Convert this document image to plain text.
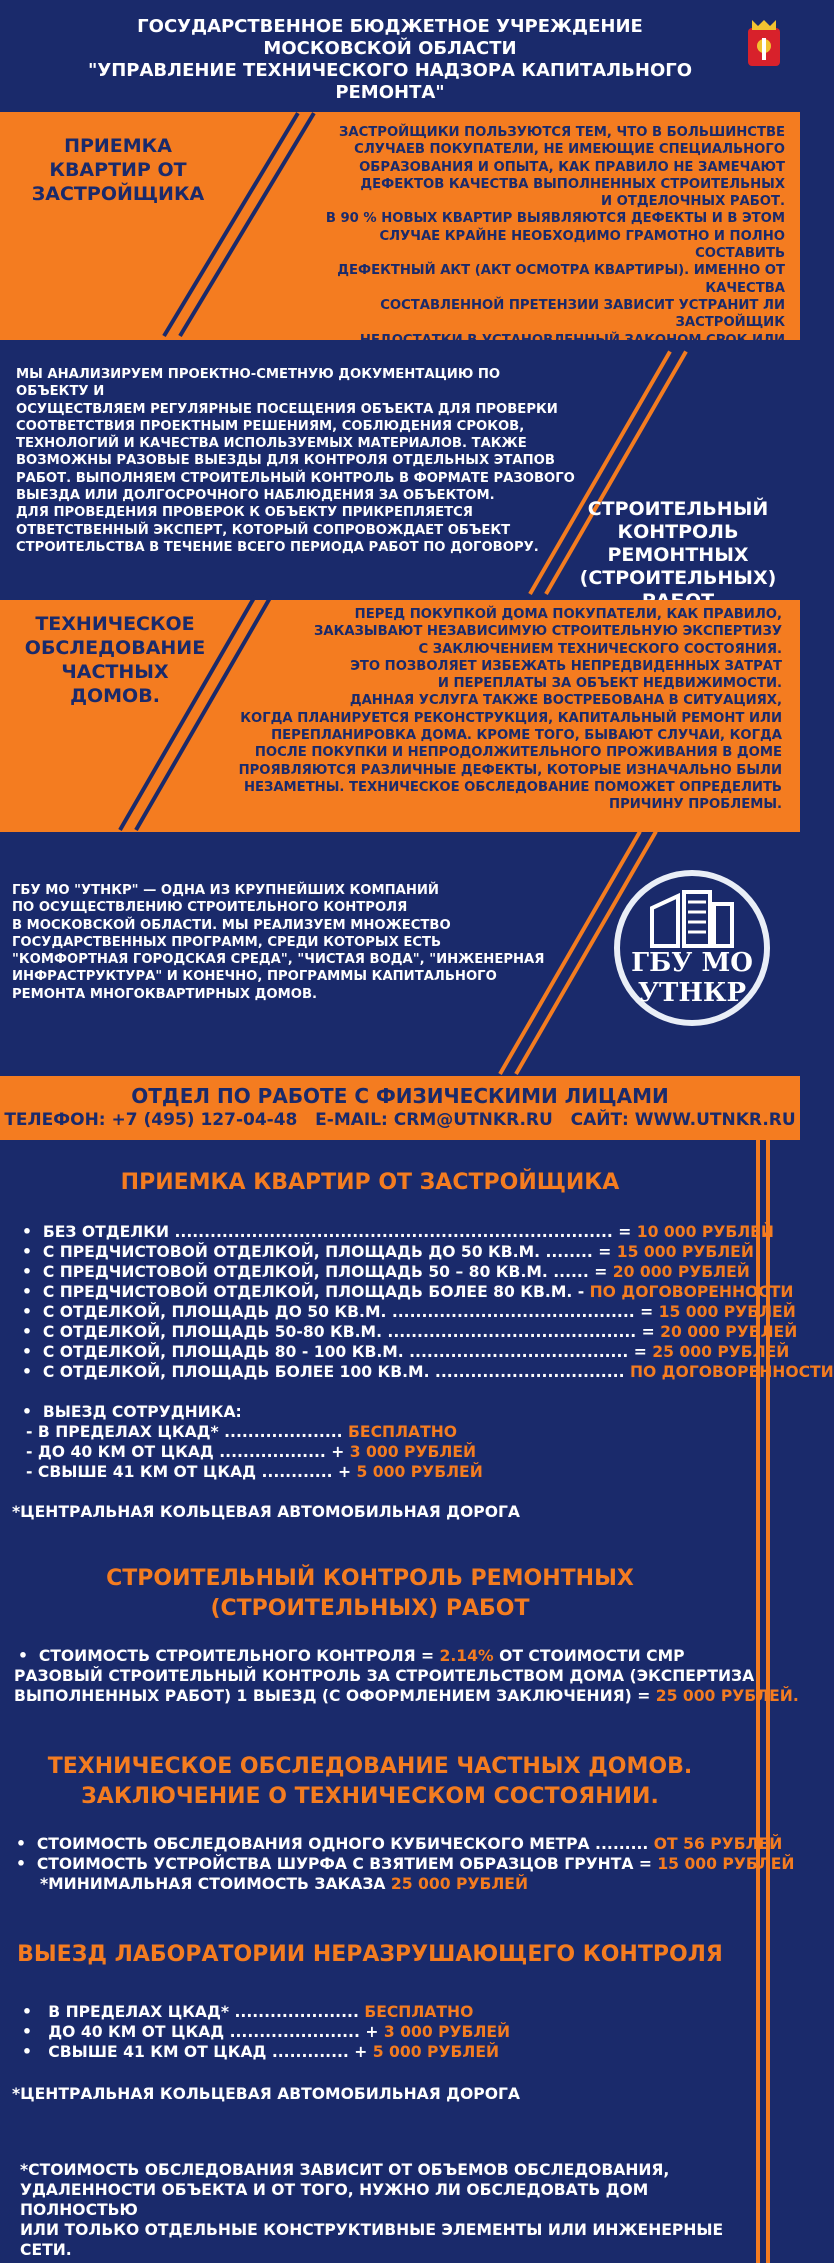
ГОСУДАРСТВЕННОЕ БЮДЖЕТНОЕ УЧРЕЖДЕНИЕ
МОСКОВСКОЙ ОБЛАСТИ
"УПРАВЛЕНИЕ ТЕХНИЧЕСКОГО НАДЗОРА КАПИТАЛЬНОГО РЕМОНТА"
ПРИЕМКА КВАРТИР ОТ ЗАСТРОЙЩИКА
ЗАСТРОЙЩИКИ ПОЛЬЗУЮТСЯ ТЕМ, ЧТО В БОЛЬШИНСТВЕ
СЛУЧАЕВ ПОКУПАТЕЛИ, НЕ ИМЕЮЩИЕ СПЕЦИАЛЬНОГО
ОБРАЗОВАНИЯ И ОПЫТА, КАК ПРАВИЛО НЕ ЗАМЕЧАЮТ
ДЕФЕКТОВ КАЧЕСТВА ВЫПОЛНЕННЫХ СТРОИТЕЛЬНЫХ
И ОТДЕЛОЧНЫХ РАБОТ.
В 90 % НОВЫХ КВАРТИР ВЫЯВЛЯЮТСЯ ДЕФЕКТЫ И В ЭТОМ
СЛУЧАЕ КРАЙНЕ НЕОБХОДИМО ГРАМОТНО И ПОЛНО СОСТАВИТЬ
ДЕФЕКТНЫЙ АКТ (АКТ ОСМОТРА КВАРТИРЫ). ИМЕННО ОТ КАЧЕСТВА
СОСТАВЛЕННОЙ ПРЕТЕНЗИИ ЗАВИСИТ УСТРАНИТ ЛИ ЗАСТРОЙЩИК
МЫ АНАЛИЗИРУЕМ ПРОЕКТНО-СМЕТНУЮ ДОКУМЕНТАЦИЮ ПО ОБЪЕКТУ И
ОСУЩЕСТВЛЯЕМ РЕГУЛЯРНЫЕ ПОСЕЩЕНИЯ ОБЪЕКТА ДЛЯ ПРОВЕРКИ
СООТВЕТСТВИЯ ПРОЕКТНЫМ РЕШЕНИЯМ, СОБЛЮДЕНИЯ СРОКОВ,
ТЕХНОЛОГИЙ И КАЧЕСТВА ИСПОЛЬЗУЕМЫХ МАТЕРИАЛОВ. ТАКЖЕ
ВОЗМОЖНЫ РАЗОВЫЕ ВЫЕЗДЫ ДЛЯ КОНТРОЛЯ ОТДЕЛЬНЫХ ЭТАПОВ
РАБОТ. ВЫПОЛНЯЕМ СТРОИТЕЛЬНЫЙ КОНТРОЛЬ В ФОРМАТЕ РАЗОВОГО
ВЫЕЗДА ИЛИ ДОЛГОСРОЧНОГО НАБЛЮДЕНИЯ ЗА ОБЪЕКТОМ.
ДЛЯ ПРОВЕДЕНИЯ ПРОВЕРОК К ОБЪЕКТУ ПРИКРЕПЛЯЕТСЯ
ОТВЕТСТВЕННЫЙ ЭКСПЕРТ, КОТОРЫЙ СОПРОВОЖДАЕТ ОБЪЕКТ
СТРОИТЕЛЬСТВА В ТЕЧЕНИЕ ВСЕГО ПЕРИОДА РАБОТ ПО ДОГОВОРУ.
СТРОИТЕЛЬНЫЙ КОНТРОЛЬ РЕМОНТНЫХ (СТРОИТЕЛЬНЫХ)
ТЕХНИЧЕСКОЕ ОБСЛЕДОВАНИЕ ЧАСТНЫХ ДОМОВ.
ПЕРЕД ПОКУПКОЙ ДОМА ПОКУПАТЕЛИ, КАК ПРАВИЛО,
ЗАКАЗЫВАЮТ НЕЗАВИСИМУЮ СТРОИТЕЛЬНУЮ ЭКСПЕРТИЗУ
С ЗАКЛЮЧЕНИЕМ ТЕХНИЧЕСКОГО СОСТОЯНИЯ.
ЭТО ПОЗВОЛЯЕТ ИЗБЕЖАТЬ НЕПРЕДВИДЕННЫХ ЗАТРАТ
И ПЕРЕПЛАТЫ ЗА ОБЪЕКТ НЕДВИЖИМОСТИ.
ДАННАЯ УСЛУГА ТАКЖЕ ВОСТРЕБОВАНА В СИТУАЦИЯХ,
КОГДА ПЛАНИРУЕТСЯ РЕКОНСТРУКЦИЯ, КАПИТАЛЬНЫЙ РЕМОНТ ИЛИ
ПЕРЕПЛАНИРОВКА ДОМА. КРОМЕ ТОГО, БЫВАЮТ СЛУЧАИ, КОГДА
ПОСЛЕ ПОКУПКИ И НЕПРОДОЛЖИТЕЛЬНОГО ПРОЖИВАНИЯ В ДОМЕ
ПРОЯВЛЯЮТСЯ РАЗЛИЧНЫЕ ДЕФЕКТЫ, КОТОРЫЕ ИЗНАЧАЛЬНО БЫЛИ
НЕЗАМЕТНЫ. ТЕХНИЧЕСКОЕ ОБСЛЕДОВАНИЕ ПОМОЖЕТ ОПРЕДЕЛИТЬ
ПРИЧИНУ ПРОБЛЕМЫ.
ГБУ МО "УТНКР" — ОДНА ИЗ КРУПНЕЙШИХ КОМПАНИЙ
ПО ОСУЩЕСТВЛЕНИЮ СТРОИТЕЛЬНОГО КОНТРОЛЯ
В МОСКОВСКОЙ ОБЛАСТИ. МЫ РЕАЛИЗУЕМ МНОЖЕСТВО
ГОСУДАРСТВЕННЫХ ПРОГРАММ, СРЕДИ КОТОРЫХ ЕСТЬ
"КОМФОРТНАЯ ГОРОДСКАЯ СРЕДА", "ЧИСТАЯ ВОДА", "ИНЖЕНЕРНАЯ
ИНФРАСТРУКТУРА" И КОНЕЧНО, ПРОГРАММЫ КАПИТАЛЬНОГО
РЕМОНТА МНОГОКВАРТИРНЫХ ДОМОВ.
ГБУ МО
УТНКР
ОТДЕЛ ПО РАБОТЕ С ФИЗИЧЕСКИМИ ЛИЦАМИ
ТЕЛЕФОН: +7 (495) 127-04-48 E-MAIL: CRM@UTNKR.RU САЙТ: WWW.UTNKR.RU
ПРИЕМКА КВАРТИР ОТ ЗАСТРОЙЩИКА
•  БЕЗ ОТДЕЛКИ .......................................................................... = 10 000 РУБЛЕЙ
•  С ПРЕДЧИСТОВОЙ ОТДЕЛКОЙ, ПЛОЩАДЬ ДО 50 КВ.М. ........ = 15 000 РУБЛЕЙ
•  С ПРЕДЧИСТОВОЙ ОТДЕЛКОЙ, ПЛОЩАДЬ 50 – 80 КВ.М. ...... = 20 000 РУБЛЕЙ
•  С ПРЕДЧИСТОВОЙ ОТДЕЛКОЙ, ПЛОЩАДЬ БОЛЕЕ 80 КВ.М. - ПО ДОГОВОРЕННОСТИ
•  С ОТДЕЛКОЙ, ПЛОЩАДЬ ДО 50 КВ.М. ......................................... = 15 000 РУБЛЕЙ
•  С ОТДЕЛКОЙ, ПЛОЩАДЬ 50-80 КВ.М. .......................................... = 20 000 РУБЛЕЙ
•  С ОТДЕЛКОЙ, ПЛОЩАДЬ 80 - 100 КВ.М. ..................................... = 25 000 РУБЛЕЙ
•  С ОТДЕЛКОЙ, ПЛОЩАДЬ БОЛЕЕ 100 КВ.М. ................................ ПО ДОГОВОРЕННОСТИ
•  ВЫЕЗД СОТРУДНИКА:
- В ПРЕДЕЛАХ ЦКАД* .................... БЕСПЛАТНО
- ДО 40 КМ ОТ ЦКАД .................. + 3 000 РУБЛЕЙ
- СВЫШЕ 41 КМ ОТ ЦКАД ............ + 5 000 РУБЛЕЙ
*ЦЕНТРАЛЬНАЯ КОЛЬЦЕВАЯ АВТОМОБИЛЬНАЯ ДОРОГА
СТРОИТЕЛЬНЫЙ КОНТРОЛЬ РЕМОНТНЫХ
(СТРОИТЕЛЬНЫХ) РАБОТ
•  СТОИМОСТЬ СТРОИТЕЛЬНОГО КОНТРОЛЯ = 2.14% ОТ СТОИМОСТИ СМР
РАЗОВЫЙ СТРОИТЕЛЬНЫЙ КОНТРОЛЬ ЗА СТРОИТЕЛЬСТВОМ ДОМА (ЭКСПЕРТИЗА
ВЫПОЛНЕННЫХ РАБОТ) 1 ВЫЕЗД (С ОФОРМЛЕНИЕМ ЗАКЛЮЧЕНИЯ) = 25 000 РУБЛЕЙ.
ТЕХНИЧЕСКОЕ ОБСЛЕДОВАНИЕ ЧАСТНЫХ ДОМОВ.
ЗАКЛЮЧЕНИЕ О ТЕХНИЧЕСКОМ СОСТОЯНИИ.
•  СТОИМОСТЬ ОБСЛЕДОВАНИЯ ОДНОГО КУБИЧЕСКОГО МЕТРА ......... ОТ 56 РУБЛЕЙ
•  СТОИМОСТЬ УСТРОЙСТВА ШУРФА С ВЗЯТИЕМ ОБРАЗЦОВ ГРУНТА = 15 000 РУБЛЕЙ
*МИНИМАЛЬНАЯ СТОИМОСТЬ ЗАКАЗА 25 000 РУБЛЕЙ
ВЫЕЗД ЛАБОРАТОРИИ НЕРАЗРУШАЮЩЕГО КОНТРОЛЯ
•   В ПРЕДЕЛАХ ЦКАД* ..................... БЕСПЛАТНО
•   ДО 40 КМ ОТ ЦКАД ...................... + 3 000 РУБЛЕЙ
•   СВЫШЕ 41 КМ ОТ ЦКАД ............. + 5 000 РУБЛЕЙ
*ЦЕНТРАЛЬНАЯ КОЛЬЦЕВАЯ АВТОМОБИЛЬНАЯ ДОРОГА
*СТОИМОСТЬ ОБСЛЕДОВАНИЯ ЗАВИСИТ ОТ ОБЪЕМОВ ОБСЛЕДОВАНИЯ,
УДАЛЕННОСТИ ОБЪЕКТА И ОТ ТОГО, НУЖНО ЛИ ОБСЛЕДОВАТЬ ДОМ ПОЛНОСТЬЮ
ИЛИ ТОЛЬКО ОТДЕЛЬНЫЕ КОНСТРУКТИВНЫЕ ЭЛЕМЕНТЫ ИЛИ ИНЖЕНЕРНЫЕ СЕТИ.
